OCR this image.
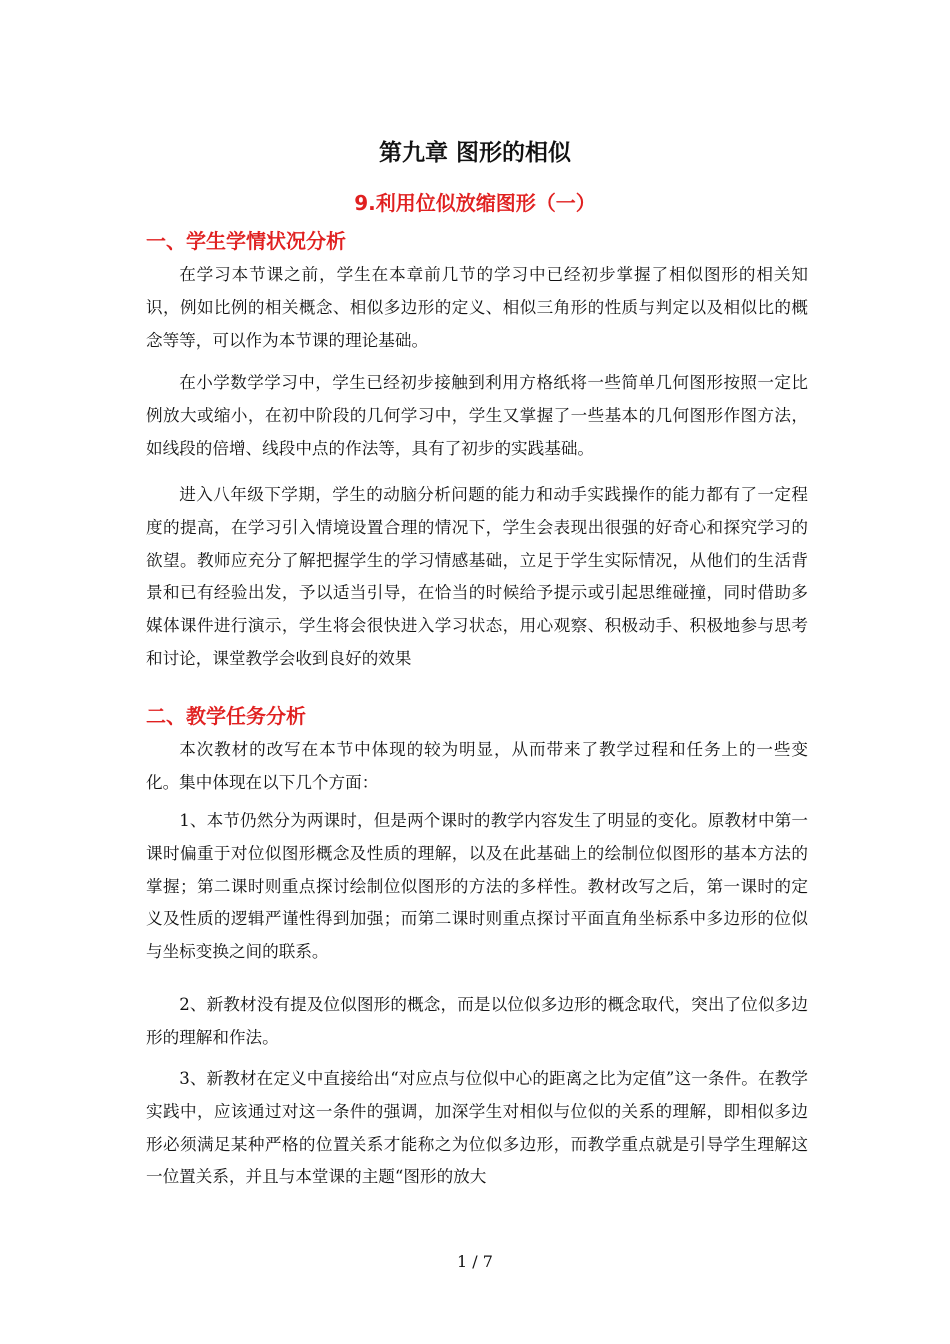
第九章 图形的相似
9.利用位似放缩图形（一）
一、学生学情状况分析
在学习本节课之前，学生在本章前几节的学习中已经初步掌握了相似图形的相关知识，例如比例的相关概念、相似多边形的定义、相似三角形的性质与判定以及相似比的概念等等，可以作为本节课的理论基础。
在小学数学学习中，学生已经初步接触到利用方格纸将一些简单几何图形按照一定比例放大或缩小，在初中阶段的几何学习中，学生又掌握了一些基本的几何图形作图方法，如线段的倍增、线段中点的作法等，具有了初步的实践基础。
进入八年级下学期，学生的动脑分析问题的能力和动手实践操作的能力都有了一定程度的提高，在学习引入情境设置合理的情况下，学生会表现出很强的好奇心和探究学习的欲望。教师应充分了解把握学生的学习情感基础，立足于学生实际情况，从他们的生活背景和已有经验出发，予以适当引导，在恰当的时候给予提示或引起思维碰撞，同时借助多媒体课件进行演示，学生将会很快进入学习状态，用心观察、积极动手、积极地参与思考和讨论，课堂教学会收到良好的效果
二、教学任务分析
本次教材的改写在本节中体现的较为明显，从而带来了教学过程和任务上的一些变化。集中体现在以下几个方面：
1、本节仍然分为两课时，但是两个课时的教学内容发生了明显的变化。原教材中第一课时偏重于对位似图形概念及性质的理解，以及在此基础上的绘制位似图形的基本方法的掌握；第二课时则重点探讨绘制位似图形的方法的多样性。教材改写之后，第一课时的定义及性质的逻辑严谨性得到加强；而第二课时则重点探讨平面直角坐标系中多边形的位似与坐标变换之间的联系。
2、新教材没有提及位似图形的概念，而是以位似多边形的概念取代，突出了位似多边形的理解和作法。
3、新教材在定义中直接给出“对应点与位似中心的距离之比为定值”这一条件。在教学实践中，应该通过对这一条件的强调，加深学生对相似与位似的关系的理解，即相似多边形必须满足某种严格的位置关系才能称之为位似多边形，而教学重点就是引导学生理解这一位置关系，并且与本堂课的主题“图形的放大
1 / 7
